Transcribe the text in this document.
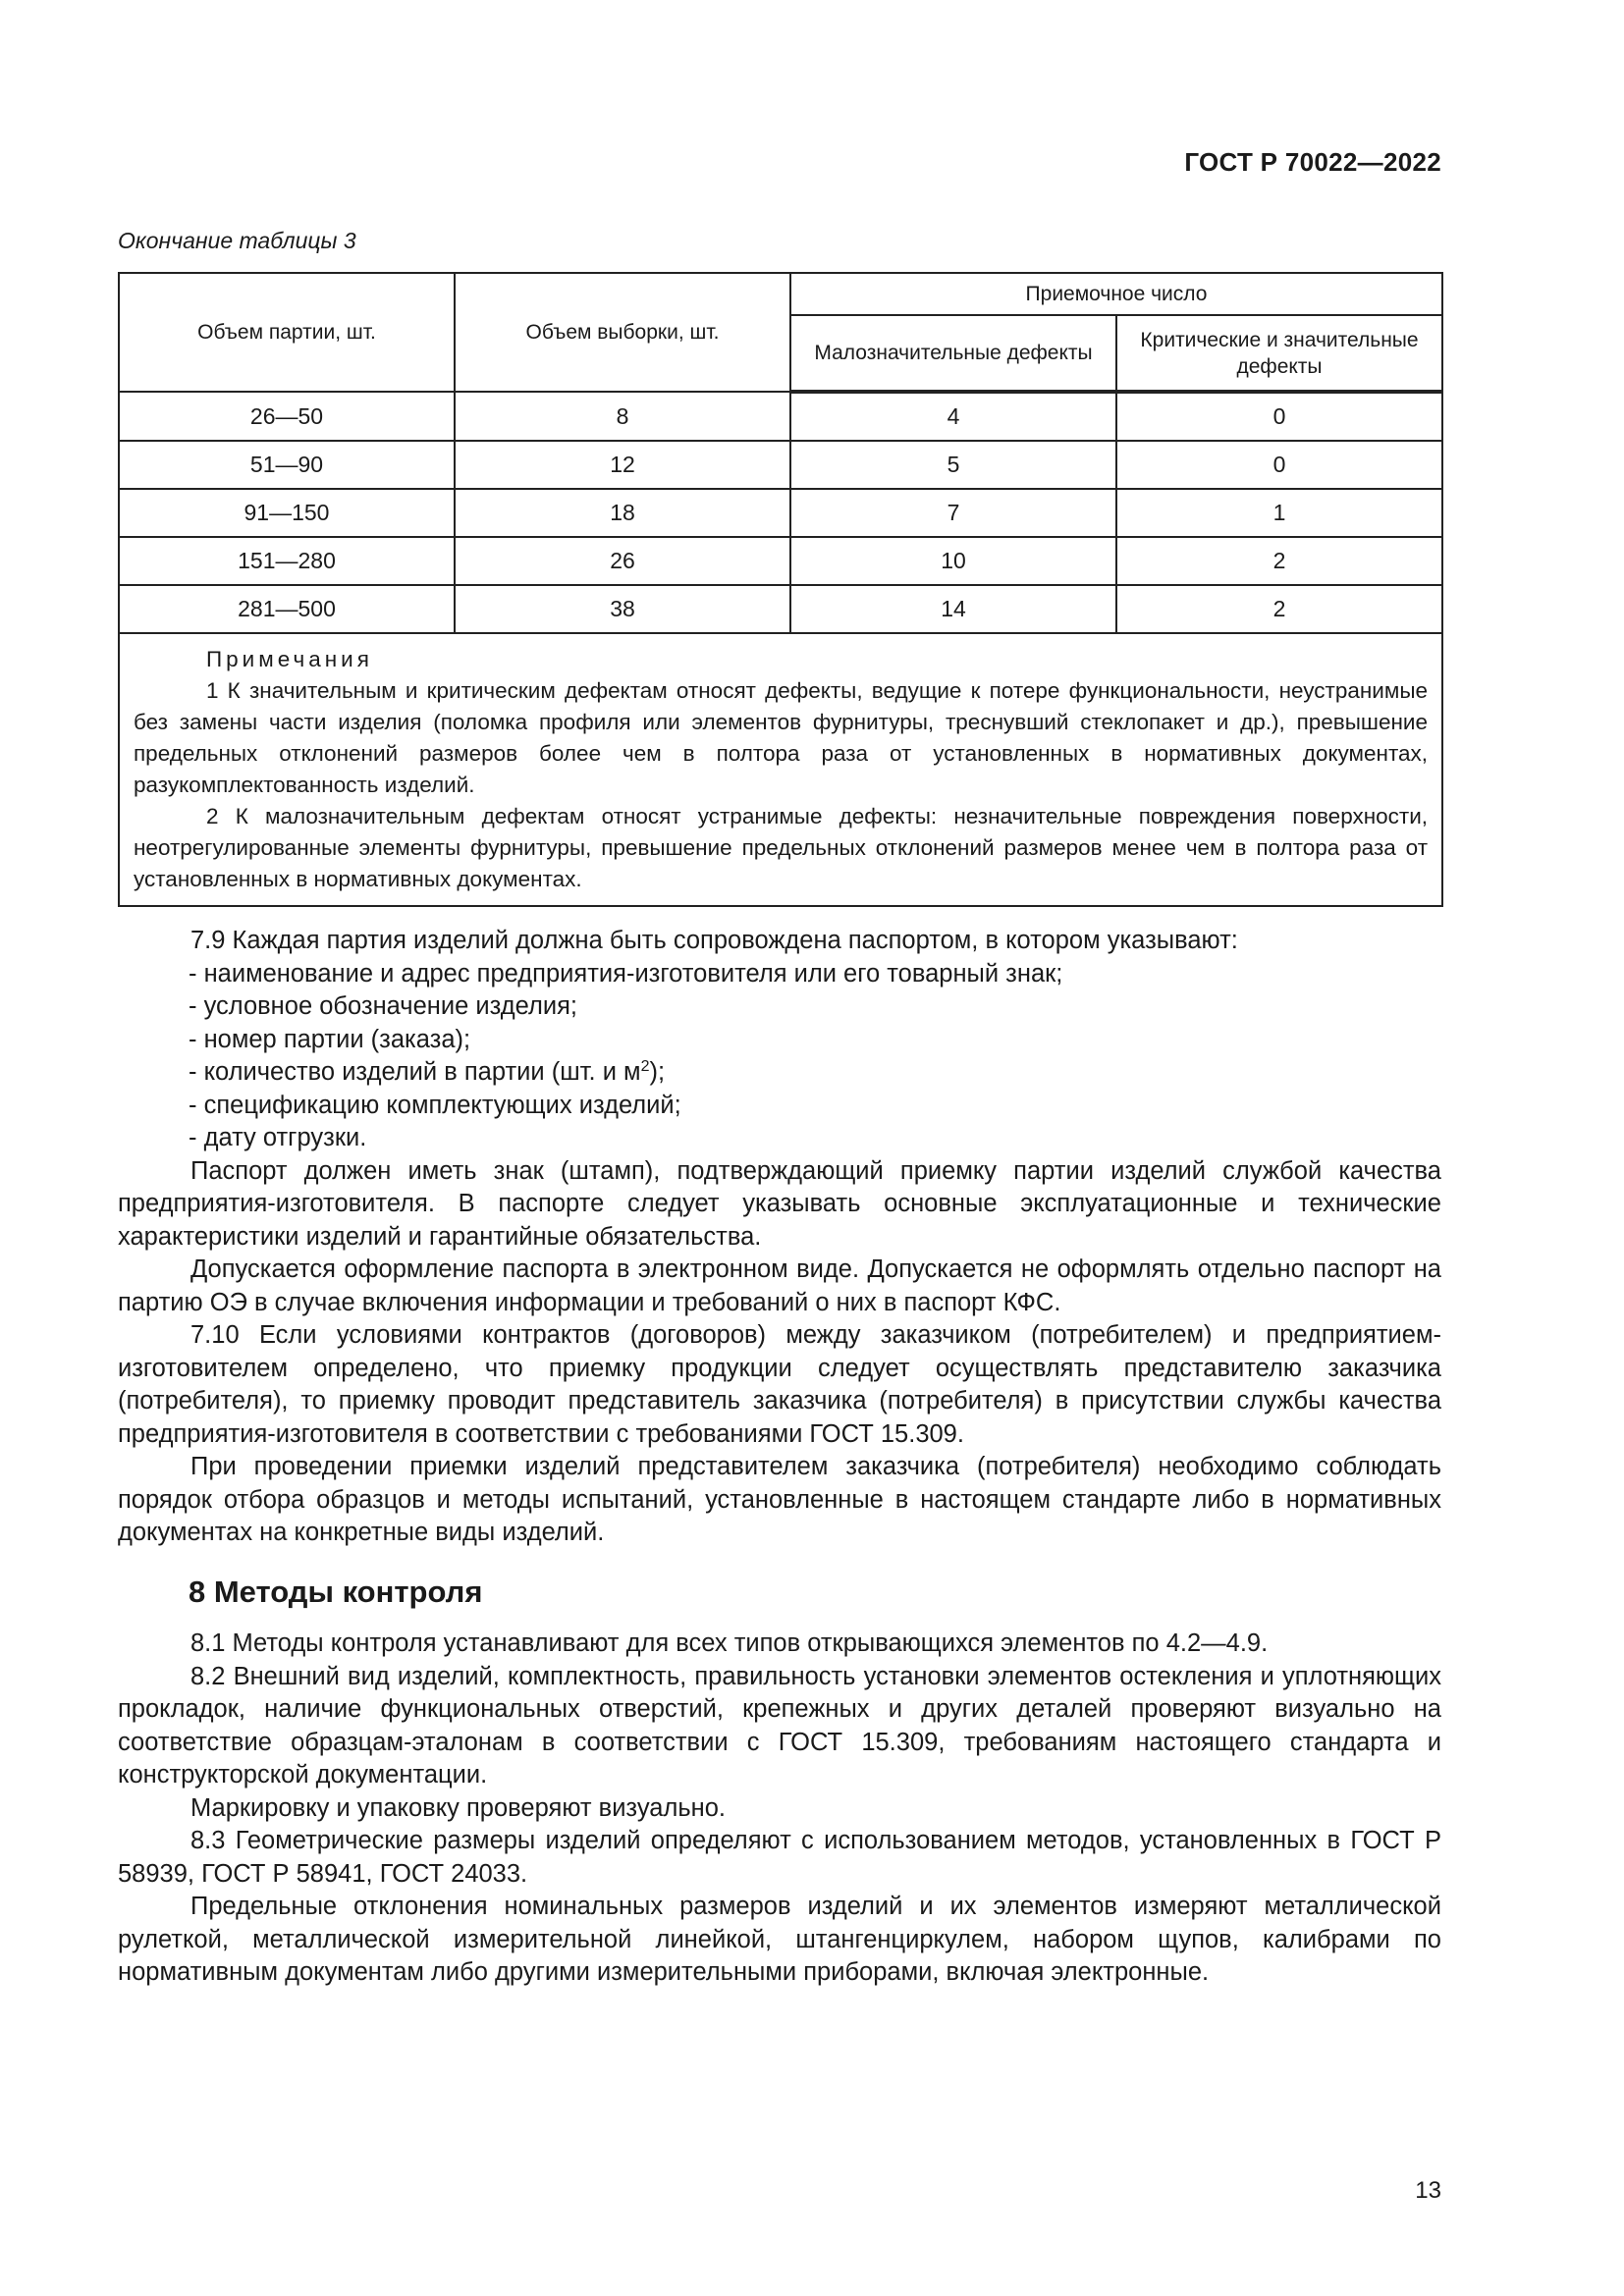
ГОСТ Р 70022—2022
Окончание таблицы 3
Объем партии, шт.	Объем выборки, шт.	Приемочное число	
		Малозначительные дефекты	Критические и значительные дефекты
26—50	8	4	0
51—90	12	5	0
91—150	18	7	1
151—280	26	10	2
281—500	38	14	2

Примечания
1 К значительным и критическим дефектам относят дефекты, ведущие к потере функциональности, неустранимые без замены части изделия (поломка профиля или элементов фурнитуры, треснувший стеклопакет и др.), превышение предельных отклонений размеров более чем в полтора раза от установленных в нормативных документах, разукомплектованность изделий.
2 К малозначительным дефектам относят устранимые дефекты: незначительные повреждения поверхности, неотрегулированные элементы фурнитуры, превышение предельных отклонений размеров менее чем в полтора раза от установленных в нормативных документах.			

7.9 Каждая партия изделий должна быть сопровождена паспортом, в котором указывают:

- наименование и адрес предприятия-изготовителя или его товарный знак;

- условное обозначение изделия;

- номер партии (заказа);

- количество изделий в партии (шт. и $м^2$);

- спецификацию комплектующих изделий;

- дату отгрузки.

Паспорт должен иметь знак (штамп), подтверждающий приемку партии изделий службой качества предприятия-изготовителя. В паспорте следует указывать основные эксплуатационные и технические характеристики изделий и гарантийные обязательства.

Допускается оформление паспорта в электронном виде. Допускается не оформлять отдельно паспорт на партию ОЭ в случае включения информации и требований о них в паспорт КФС.

7.10 Если условиями контрактов (договоров) между заказчиком (потребителем) и предприятием-изготовителем определено, что приемку продукции следует осуществлять представителю заказчика (потребителя), то приемку проводит представитель заказчика (потребителя) в присутствии службы качества предприятия-изготовителя в соответствии с требованиями ГОСТ 15.309.

При проведении приемки изделий представителем заказчика (потребителя) необходимо соблюдать порядок отбора образцов и методы испытаний, установленные в настоящем стандарте либо в нормативных документах на конкретные виды изделий.

8 Методы контроля

8.1 Методы контроля устанавливают для всех типов открывающихся элементов по 4.2—4.9.

8.2 Внешний вид изделий, комплектность, правильность установки элементов остекления и уплотняющих прокладок, наличие функциональных отверстий, крепежных и других деталей проверяют визуально на соответствие образцам-эталонам в соответствии с ГОСТ 15.309, требованиям настоящего стандарта и конструкторской документации.

Маркировку и упаковку проверяют визуально.

8.3 Геометрические размеры изделий определяют с использованием методов, установленных в ГОСТ Р 58939, ГОСТ Р 58941, ГОСТ 24033.

Предельные отклонения номинальных размеров изделий и их элементов измеряют металлической рулеткой, металлической измерительной линейкой, штангенциркулем, набором щупов, калибрами по нормативным документам либо другими измерительными приборами, включая электронные.

13
